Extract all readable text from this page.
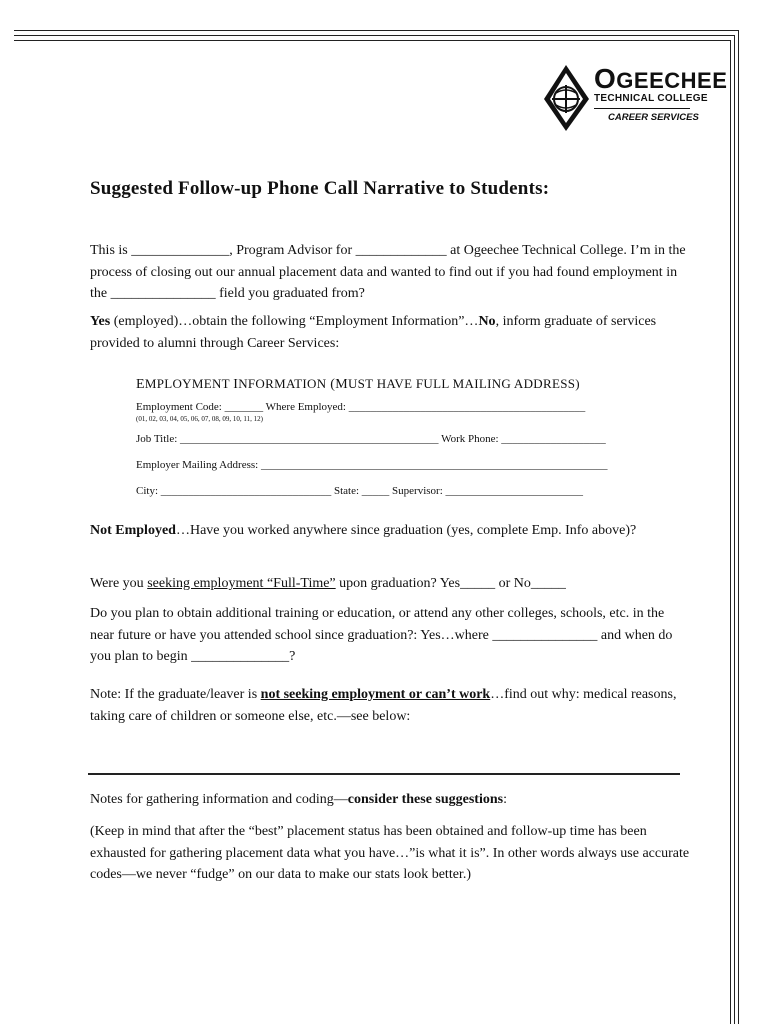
OGEECHEE
TECHNICAL COLLEGE
CAREER SERVICES
Suggested Follow-up Phone Call Narrative to Students:

This is ______________, Program Advisor for _____________ at Ogeechee Technical College. I’m in the process of closing out our annual placement data and wanted to find out if you had found employment in the _______________ field you graduated from?

Yes (employed)…obtain the following “Employment Information”…No, inform graduate of services provided to alumni through Career Services:

EMPLOYMENT INFORMATION (MUST HAVE FULL MAILING ADDRESS)
Employment Code: _______ Where Employed: ___________________________________________
(01, 02, 03, 04, 05, 06, 07, 08, 09, 10, 11, 12)
Job Title: _______________________________________________ Work Phone: ___________________
Employer Mailing Address: _______________________________________________________________
City: _______________________________ State: _____ Supervisor: _________________________

Not Employed…Have you worked anywhere since graduation (yes, complete Emp. Info above)?

Were you seeking employment “Full-Time” upon graduation? Yes_____ or No_____

Do you plan to obtain additional training or education, or attend any other colleges, schools, etc. in the near future or have you attended school since graduation?: Yes…where _______________ and when do you plan to begin ______________?

Note: If the graduate/leaver is not seeking employment or can’t work…find out why: medical reasons, taking care of children or someone else, etc.—see below:

Notes for gathering information and coding—consider these suggestions:

(Keep in mind that after the “best” placement status has been obtained and follow-up time has been exhausted for gathering placement data what you have…”is what it is”. In other words always use accurate codes—we never “fudge” on our data to make our stats look better.)
